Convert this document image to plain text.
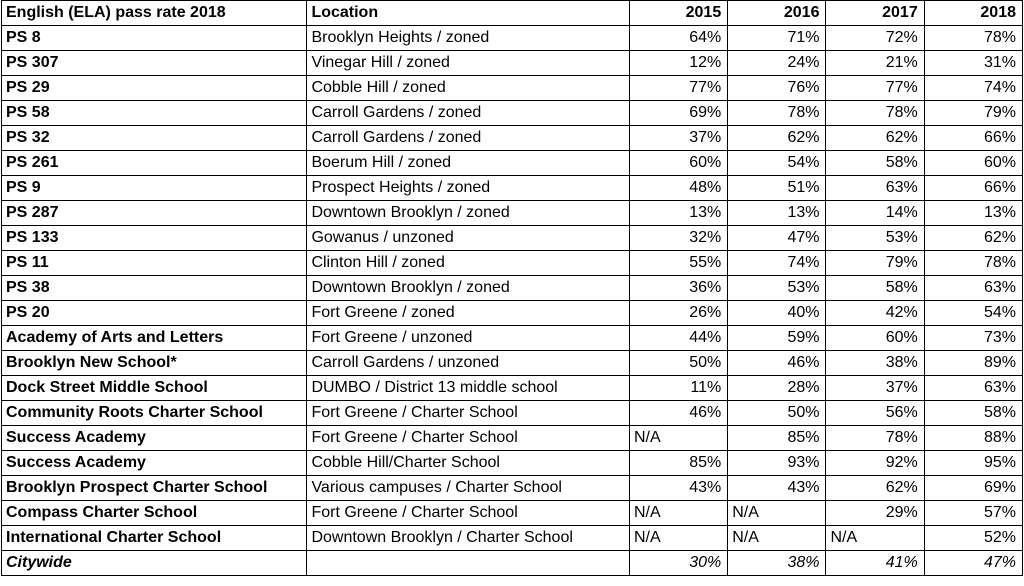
English (ELA) pass rate 2018	Location	2015	2016	2017	2018
PS 8	Brooklyn Heights / zoned	64%	71%	72%	78%
PS 307	Vinegar Hill / zoned	12%	24%	21%	31%
PS 29	Cobble Hill / zoned	77%	76%	77%	74%
PS 58	Carroll Gardens / zoned	69%	78%	78%	79%
PS 32	Carroll Gardens / zoned	37%	62%	62%	66%
PS 261	Boerum Hill / zoned	60%	54%	58%	60%
PS 9	Prospect Heights / zoned	48%	51%	63%	66%
PS 287	Downtown Brooklyn / zoned	13%	13%	14%	13%
PS 133	Gowanus / unzoned	32%	47%	53%	62%
PS 11	Clinton Hill / zoned	55%	74%	79%	78%
PS 38	Downtown Brooklyn / zoned	36%	53%	58%	63%
PS 20	Fort Greene / zoned	26%	40%	42%	54%
Academy of Arts and Letters	Fort Greene / unzoned	44%	59%	60%	73%
Brooklyn New School*	Carroll Gardens / unzoned	50%	46%	38%	89%
Dock Street Middle School	DUMBO / District 13 middle school	11%	28%	37%	63%
Community Roots Charter School	Fort Greene / Charter School	46%	50%	56%	58%
Success Academy	Fort Greene / Charter School	N/A	85%	78%	88%
Success Academy	Cobble Hill/Charter School	85%	93%	92%	95%
Brooklyn Prospect Charter School	Various campuses / Charter School	43%	43%	62%	69%
Compass Charter School	Fort Greene / Charter School	N/A	N/A	29%	57%
International Charter School	Downtown Brooklyn / Charter School	N/A	N/A	N/A	52%
Citywide		30%	38%	41%	47%
